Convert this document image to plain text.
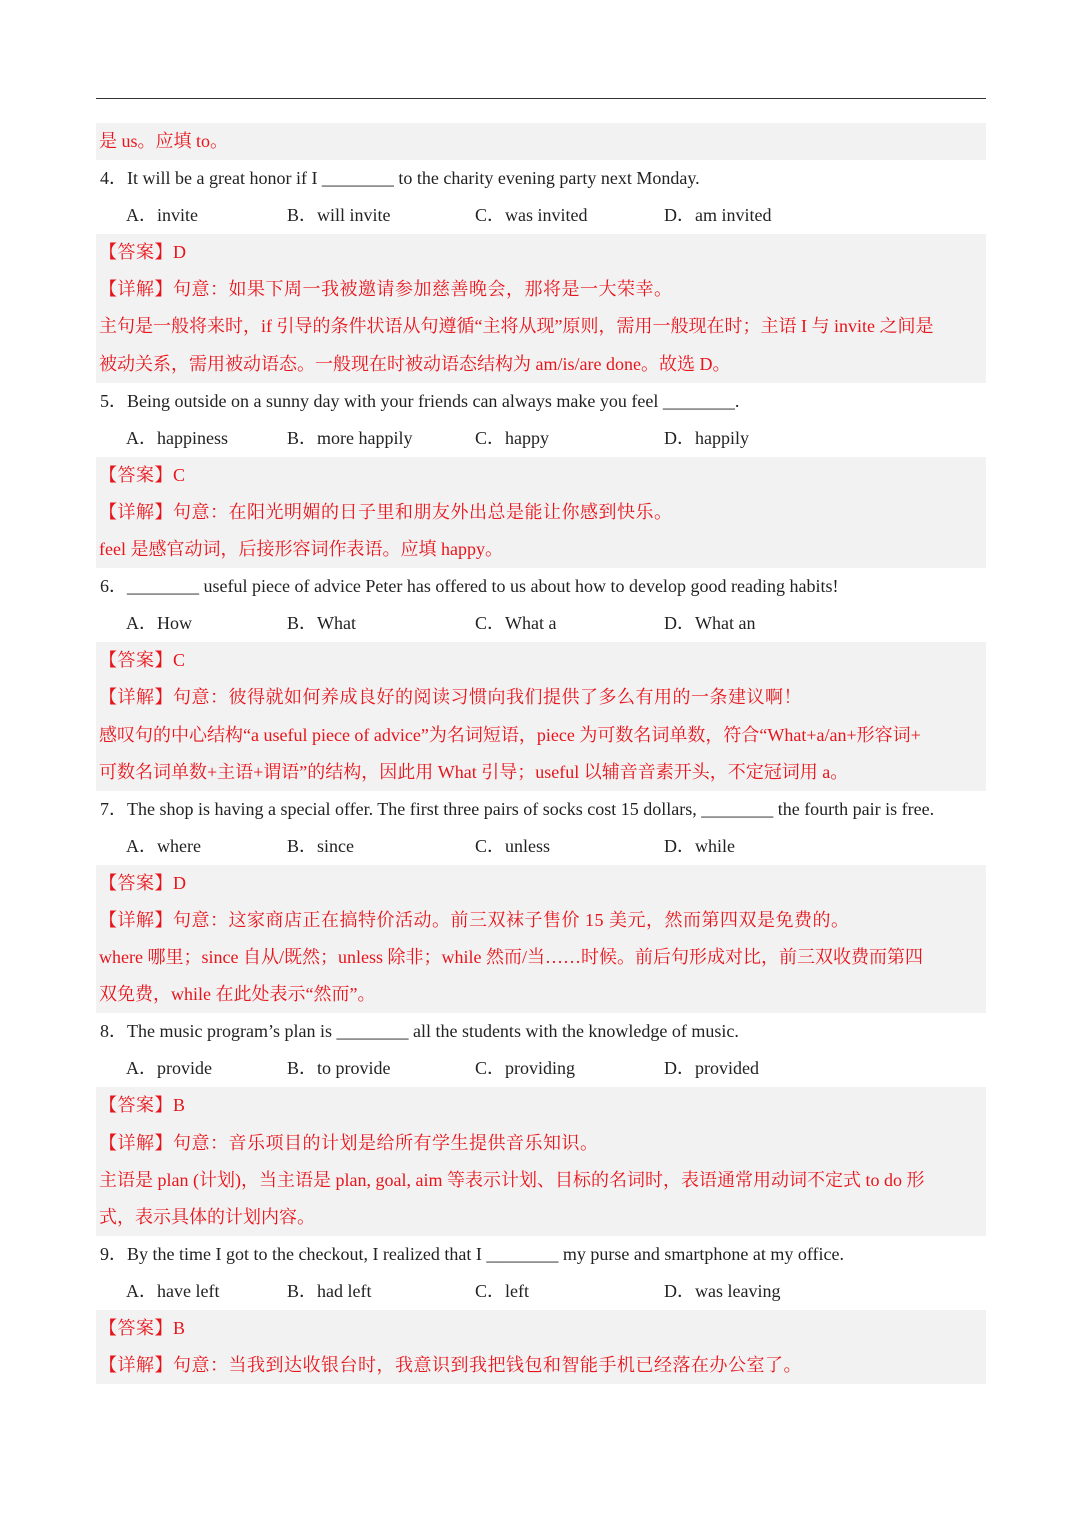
是 us。应填 to。
4．It will be a great honor if I ________ to the charity evening party next Monday.
A．invite	B．will invite	C．was invited	D．am invited
【答案】D
【详解】句意：如果下周一我被邀请参加慈善晚会，那将是一大荣幸。
主句是一般将来时，if 引导的条件状语从句遵循“主将从现”原则，需用一般现在时；主语 I 与 invite 之间是
被动关系，需用被动语态。一般现在时被动语态结构为 am/is/are done。故选 D。
5．Being outside on a sunny day with your friends can always make you feel ________.
A．happiness	B．more happily	C．happy	D．happily
【答案】C
【详解】句意：在阳光明媚的日子里和朋友外出总是能让你感到快乐。
feel 是感官动词，后接形容词作表语。应填 happy。
6．________ useful piece of advice Peter has offered to us about how to develop good reading habits!
A．How	B．What	C．What a	D．What an
【答案】C
【详解】句意：彼得就如何养成良好的阅读习惯向我们提供了多么有用的一条建议啊！
感叹句的中心结构“a useful piece of advice”为名词短语，piece 为可数名词单数，符合“What+a/an+形容词+
可数名词单数+主语+谓语”的结构，因此用 What 引导；useful 以辅音音素开头，不定冠词用 a。
7．The shop is having a special offer. The first three pairs of socks cost 15 dollars, ________ the fourth pair is free.
A．where	B．since	C．unless	D．while
【答案】D
【详解】句意：这家商店正在搞特价活动。前三双袜子售价 15 美元，然而第四双是免费的。
where 哪里；since 自从/既然；unless 除非；while 然而/当……时候。前后句形成对比，前三双收费而第四
双免费，while 在此处表示“然而”。
8．The music program’s plan is ________ all the students with the knowledge of music.
A．provide	B．to provide	C．providing	D．provided
【答案】B
【详解】句意：音乐项目的计划是给所有学生提供音乐知识。
主语是 plan (计划)，当主语是 plan, goal, aim 等表示计划、目标的名词时，表语通常用动词不定式 to do 形
式，表示具体的计划内容。
9．By the time I got to the checkout, I realized that I ________ my purse and smartphone at my office.
A．have left	B．had left	C．left	D．was leaving
【答案】B
【详解】句意：当我到达收银台时，我意识到我把钱包和智能手机已经落在办公室了。
